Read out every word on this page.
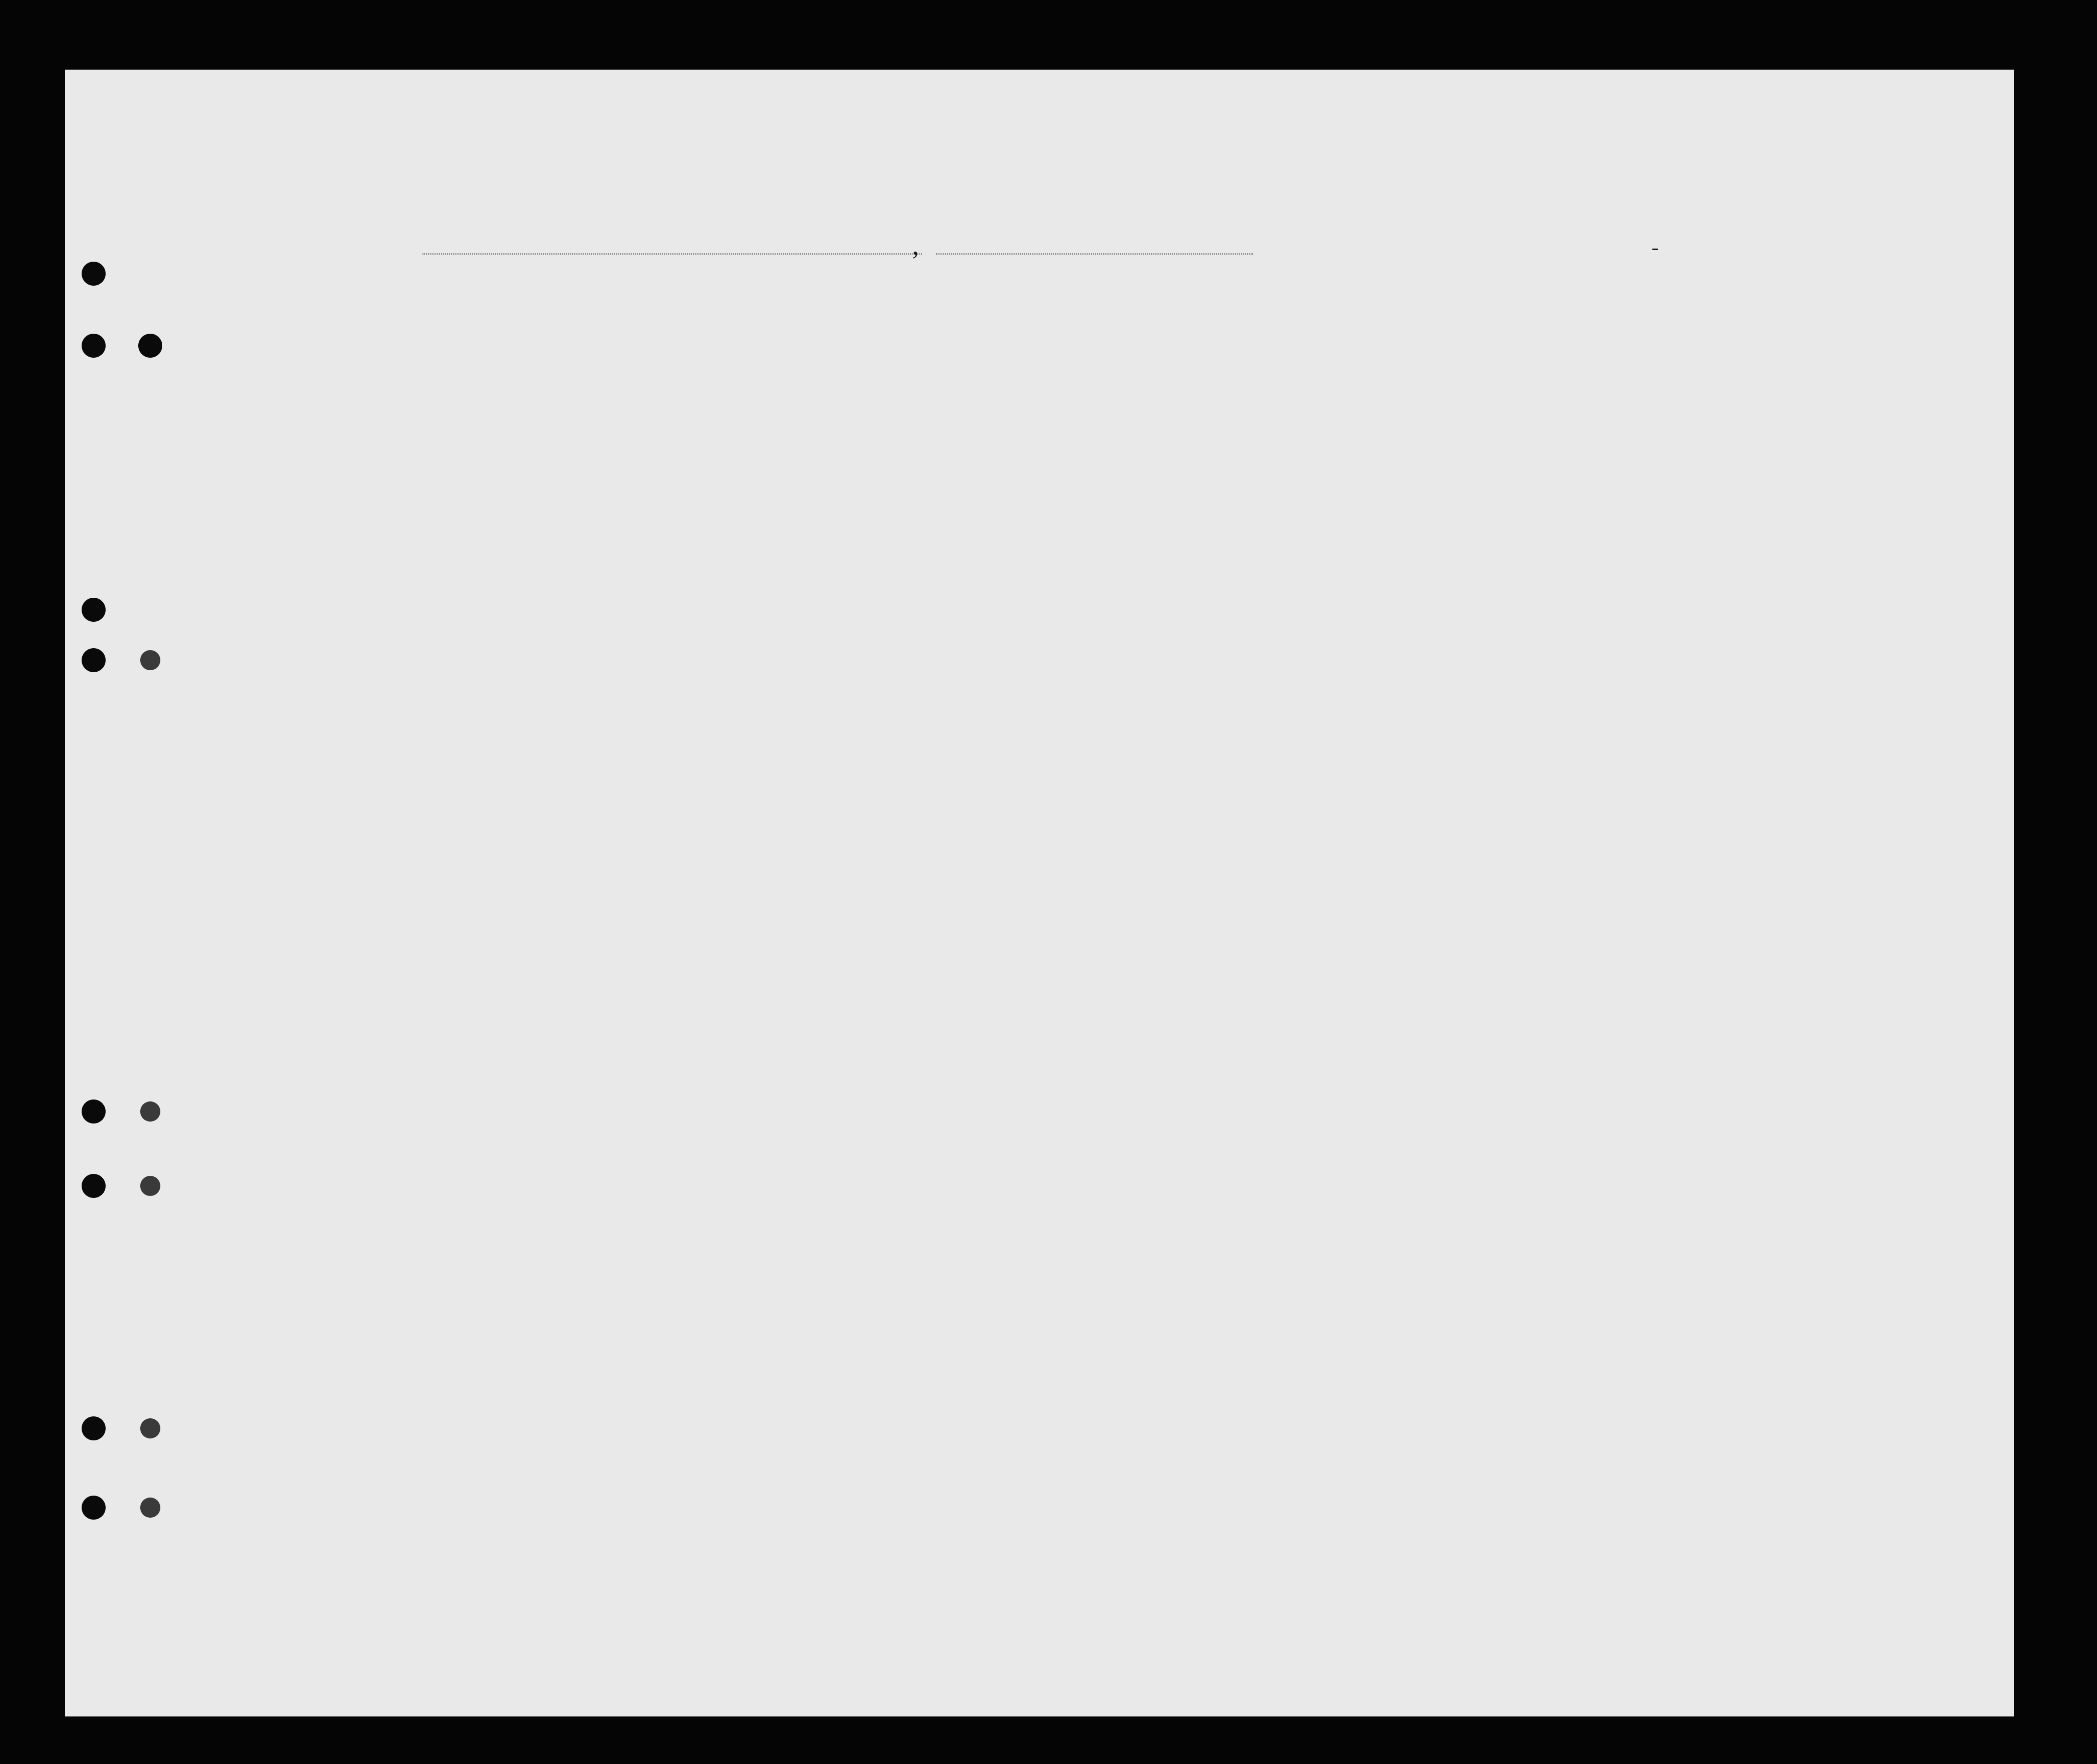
,	-
